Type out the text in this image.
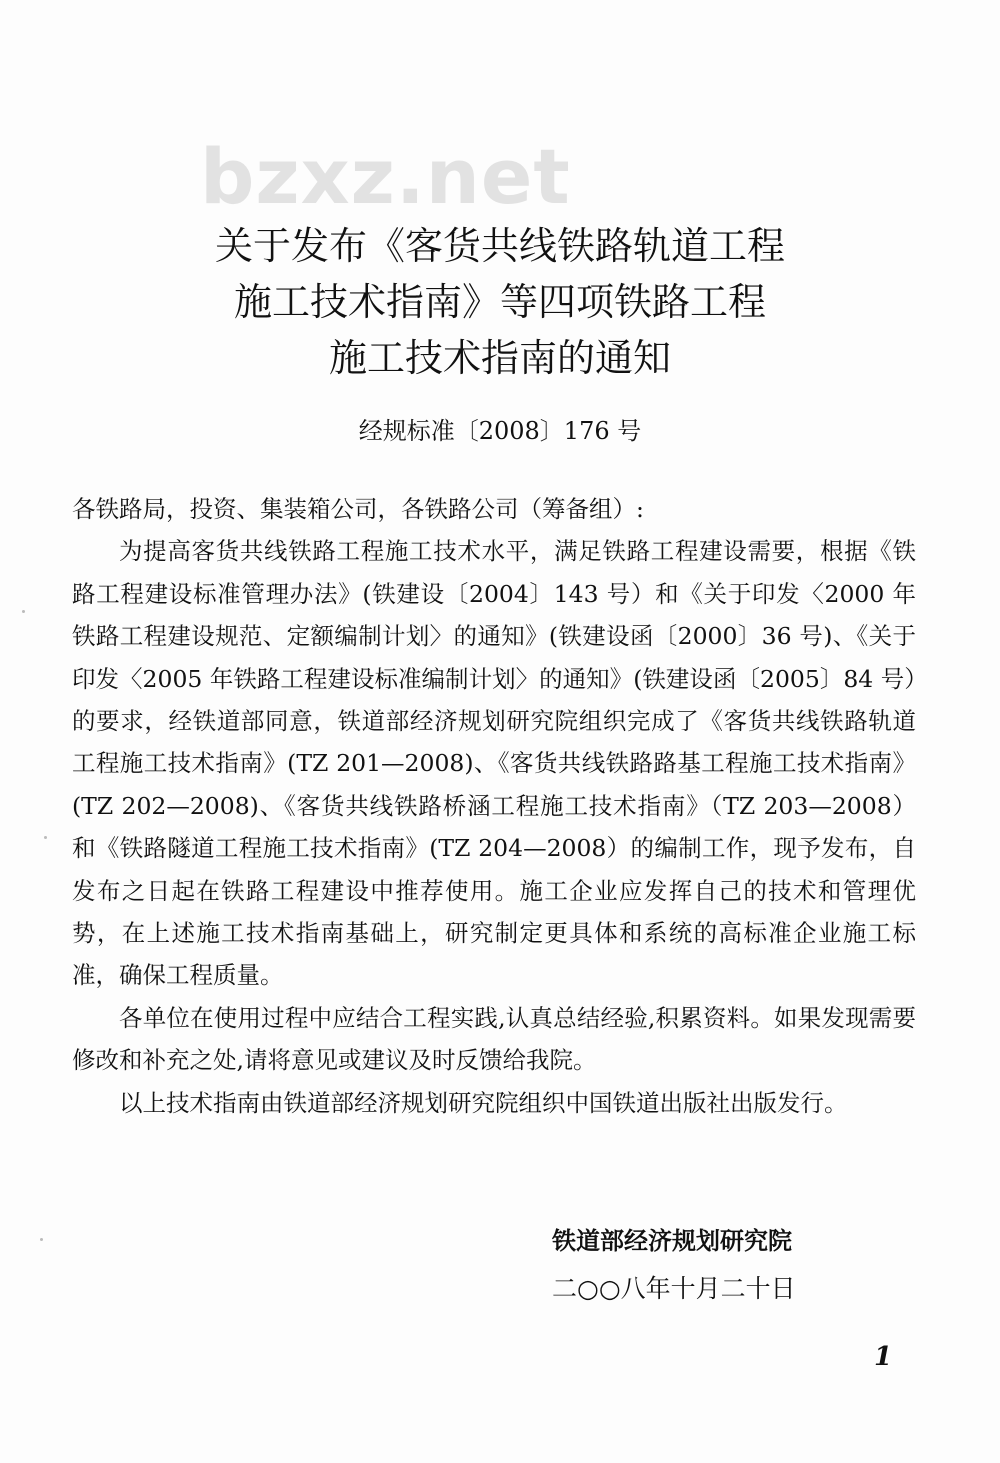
bzxz.net
关于发布《客货共线铁路轨道工程
施工技术指南》等四项铁路工程
施工技术指南的通知
经规标准〔2008〕176 号

各铁路局，投资、集装箱公司，各铁路公司（筹备组）:

为提高客货共线铁路工程施工技术水平，满足铁路工程建设需要，根据《铁路工程建设标准管理办法》(铁建设〔2004〕143 号）和《关于印发〈2000 年铁路工程建设规范、定额编制计划〉的通知》(铁建设函〔2000〕36 号)、《关于印发〈2005 年铁路工程建设标准编制计划〉的通知》(铁建设函〔2005〕84 号）的要求，经铁道部同意，铁道部经济规划研究院组织完成了《客货共线铁路轨道工程施工技术指南》(TZ 201—2008)、《客货共线铁路路基工程施工技术指南》(TZ 202—2008)、《客货共线铁路桥涵工程施工技术指南》（TZ 203—2008）和《铁路隧道工程施工技术指南》(TZ 204—2008）的编制工作，现予发布，自发布之日起在铁路工程建设中推荐使用。施工企业应发挥自己的技术和管理优势，在上述施工技术指南基础上，研究制定更具体和系统的高标准企业施工标准，确保工程质量。

各单位在使用过程中应结合工程实践,认真总结经验,积累资料。如果发现需要修改和补充之处,请将意见或建议及时反馈给我院。

以上技术指南由铁道部经济规划研究院组织中国铁道出版社出版发行。

铁道部经济规划研究院
二○○八年十月二十日
1
